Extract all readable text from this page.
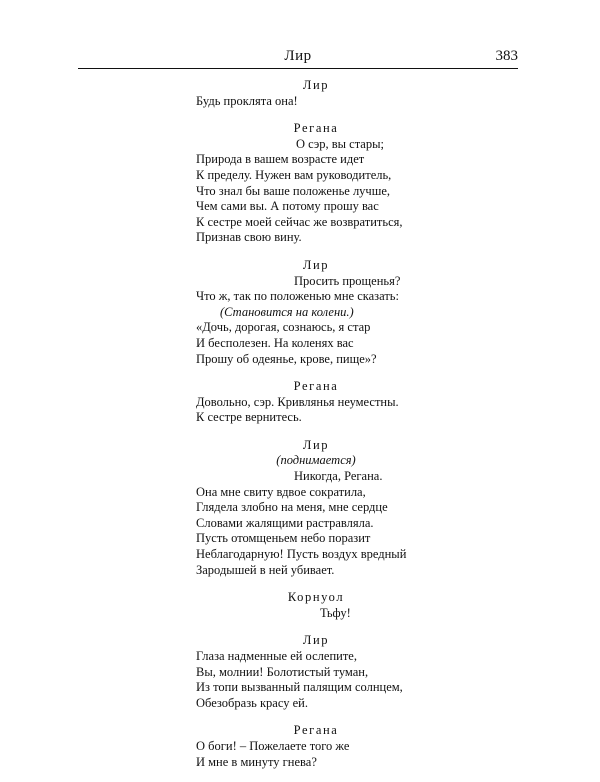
Лир	383
Лир
Будь проклята она!
Регана
О сэр, вы стары;
Природа в вашем возрасте идет
К пределу. Нужен вам руководитель,
Что знал бы ваше положенье лучше,
Чем сами вы. А потому прошу вас
К сестре моей сейчас же возвратиться,
Признав свою вину.
Лир
Просить прощенья?
Что ж, так по положенью мне сказать:
(Становится на колени.)
«Дочь, дорогая, сознаюсь, я стар
И бесполезен. На коленях вас
Прошу об одеянье, крове, пище»?
Регана
Довольно, сэр. Кривлянья неуместны.
К сестре вернитесь.
Лир
(поднимается)
Никогда, Регана.
Она мне свиту вдвое сократила,
Глядела злобно на меня, мне сердце
Словами жалящими растравляла.
Пусть отомщеньем небо поразит
Неблагодарную! Пусть воздух вредный
Зародышей в ней убивает.
Корнуол
Тьфу!
Лир
Глаза надменные ей ослепите,
Вы, молнии! Болотистый туман,
Из топи вызванный палящим солнцем,
Обезобразь красу ей.
Регана
О боги! – Пожелаете того же
И мне в минуту гнева?
